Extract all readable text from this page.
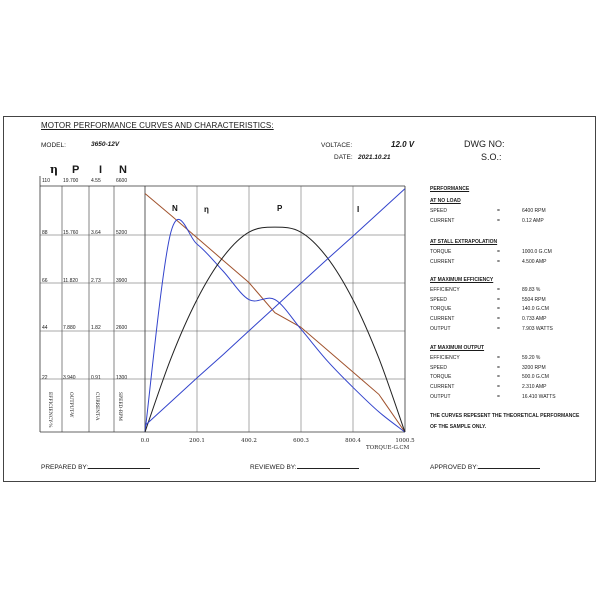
MOTOR PERFORMANCE CURVES AND CHARACTERISTICS:
MODEL:	3650-12V	VOLTACE:	12.0 V
DATE: 2021.10.21
DWG NO:
S.O.:
η P I N
110	19.700	4.55	6600
88	15.760	3.64	5200
66	11.820	2.73	3900
44	7.880	1.82	2600
22	3.940	0.91	1300
EFFICIENCY-%	OUTPUT-W	CURRENT-A	SPEED-RPM
0.0	200.1	400.2	600.3	800.4	1000.5
N	η	P	I
TORQUE-G.CM
PERFORMANCE
AT NO LOAD
SPEED	=	6400 RPM
CURRENT	=	0.12 AMP
AT STALL EXTRAPOLATION
TORQUE	=	1000.0 G.CM
CURRENT	=	4.500 AMP
AT MAXIMUM EFFICIENCY
EFFICIENCY	=	89.83 %
SPEED	=	5504 RPM
TORQUE	=	140.0 G.CM
CURRENT	=	0.733 AMP
OUTPUT	=	7.903 WATTS
AT MAXIMUM OUTPUT
EFFICIENCY	=	59.20 %
SPEED	=	3200 RPM
TORQUE	=	500.0 G.CM
CURRENT	=	2.310 AMP
OUTPUT	=	16.410 WATTS
THE CURVES REPESENT THE THEORETICAL PERFORMANCE
OF THE SAMPLE ONLY.
PREPARED BY:	REVIEWED BY:	APPROVED BY:
